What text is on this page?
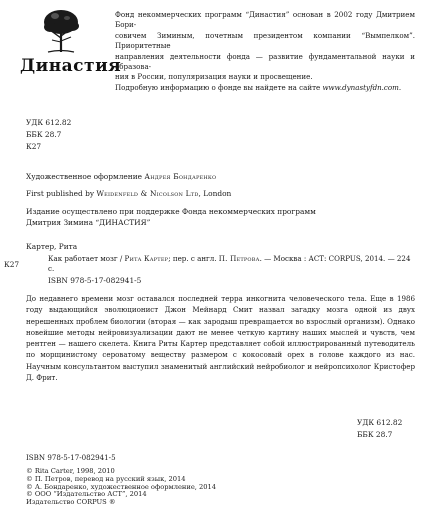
Династия
Фонд некоммерческих программ “Династия” основан в 2002 году Дмитрием Бори-
совичем Зиминым, почетным президентом компании “Вымпелком”. Приоритетные
направления деятельности фонда — развитие фундаментальной науки и образова-
ния в России, популяризация науки и просвещение.
Подробную информацию о фонде вы найдете на сайте www.dynastyfdn.com.
УДК 612.82
ББК 28.7
К27
Художественное оформление Андрея Бондаренко
First published by Weidenfeld & Nicolson Ltd, London
Издание осуществлено при поддержке Фонда некоммерческих программ
Дмитрия Зимина “ДИНАСТИЯ”
Картер, Рита
К27
Как работает мозг / Рита Картер; пер. с англ. П. Петрова. — Москва : АСТ: CORPUS, 2014. — 224 с.
ISBN 978-5-17-082941-5
До недавнего времени мозг оставался последней терра инкогнита человеческого тела. Еще в 1986 году выдающийся эволюционист Джон Мейнард Смит назвал загадку мозга одной из двух нерешенных проблем биологии (вторая — как зародыш превращается во взрослый организм). Однако новейшие методы нейровизуализации дают не менее четкую картину наших мыслей и чувств, чем рентген — нашего скелета. Книга Риты Картер представляет собой иллюстрированный путеводитель по морщинистому сероватому веществу размером с кокосовый орех в голове каждого из нас. Научным консультантом выступил знаменитый английский нейробиолог и нейропсихолог Кристофер Д. Фрит.
УДК 612.82
ББК 28.7
ISBN 978-5-17-082941-5
© Rita Carter, 1998, 2010
© П. Петров, перевод на русский язык, 2014
© А. Бондаренко, художественное оформление, 2014
© ООО “Издательство АСТ”, 2014
Издательство CORPUS ®
